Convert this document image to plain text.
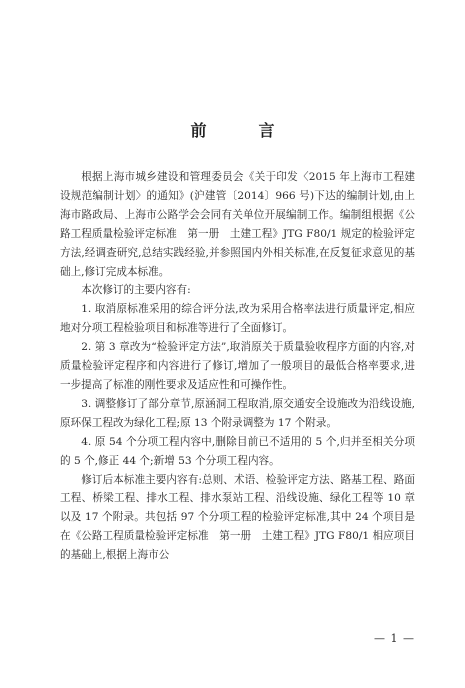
前　言

根据上海市城乡建设和管理委员会《关于印发〈2015 年上海市工程建设规范编制计划〉的通知》(沪建管〔2014〕966 号)下达的编制计划,由上海市路政局、上海市公路学会会同有关单位开展编制工作。编制组根据《公路工程质量检验评定标准　第一册　土建工程》JTG F80/1 规定的检验评定方法,经调查研究,总结实践经验,并参照国内外相关标准,在反复征求意见的基础上,修订完成本标准。

本次修订的主要内容有:

1. 取消原标准采用的综合评分法,改为采用合格率法进行质量评定,相应地对分项工程检验项目和标准等进行了全面修订。

2. 第 3 章改为“检验评定方法”,取消原关于质量验收程序方面的内容,对质量检验评定程序和内容进行了修订,增加了一般项目的最低合格率要求,进一步提高了标准的刚性要求及适应性和可操作性。

3. 调整修订了部分章节,原涵洞工程取消,原交通安全设施改为沿线设施,原环保工程改为绿化工程;原 13 个附录调整为 17 个附录。

4. 原 54 个分项工程内容中,删除目前已不适用的 5 个,归并至相关分项的 5 个,修正 44 个;新增 53 个分项工程内容。

修订后本标准主要内容有:总则、术语、检验评定方法、路基工程、路面工程、桥梁工程、排水工程、排水泵站工程、沿线设施、绿化工程等 10 章以及 17 个附录。共包括 97 个分项工程的检验评定标准,其中 24 个项目是在《公路工程质量检验评定标准　第一册　土建工程》JTG F80/1 相应项目的基础上,根据上海市公

— 1 —
